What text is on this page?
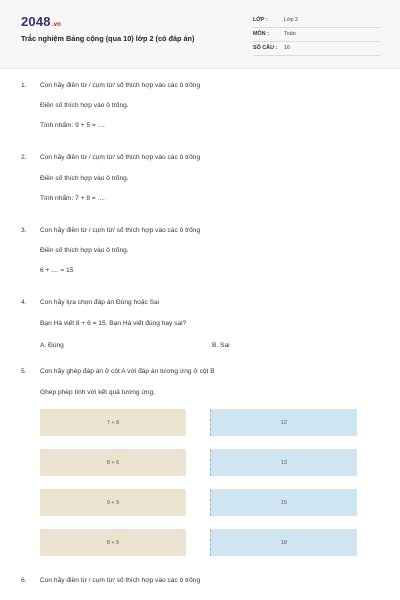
2048.vn
Trắc nghiệm Bảng cộng (qua 10) lớp 2 (có đáp án)
LỚP :	Lớp 2
MÔN :	Toán
SỐ CÂU : 16
1. Con hãy điền từ / cụm từ/ số thích hợp vào các ô trống
Điền số thích hợp vào ô trống.
Tính nhẩm: 9 + 5 = ....
2. Con hãy điền từ / cụm từ/ số thích hợp vào các ô trống
Điền số thích hợp vào ô trống.
Tính nhẩm: 7 + 8 = ....
3. Con hãy điền từ / cụm từ/ số thích hợp vào các ô trống
Điền số thích hợp vào ô trống.
6 + .... = 15
4. Con hãy lựa chọn đáp án Đúng hoặc Sai
Bạn Hà viết 8 + 6 = 15. Bạn Hà viết đúng hay sai?
A. Đúng	B. Sai
5. Con hãy ghép đáp án ở cột A với đáp án tương ứng ở cột B
Ghép phép tính với kết quả tương ứng.
7 + 8	12
8 + 6	13
9 + 9	15
8 + 5	18
6. Con hãy điền từ / cụm từ/ số thích hợp vào các ô trống
